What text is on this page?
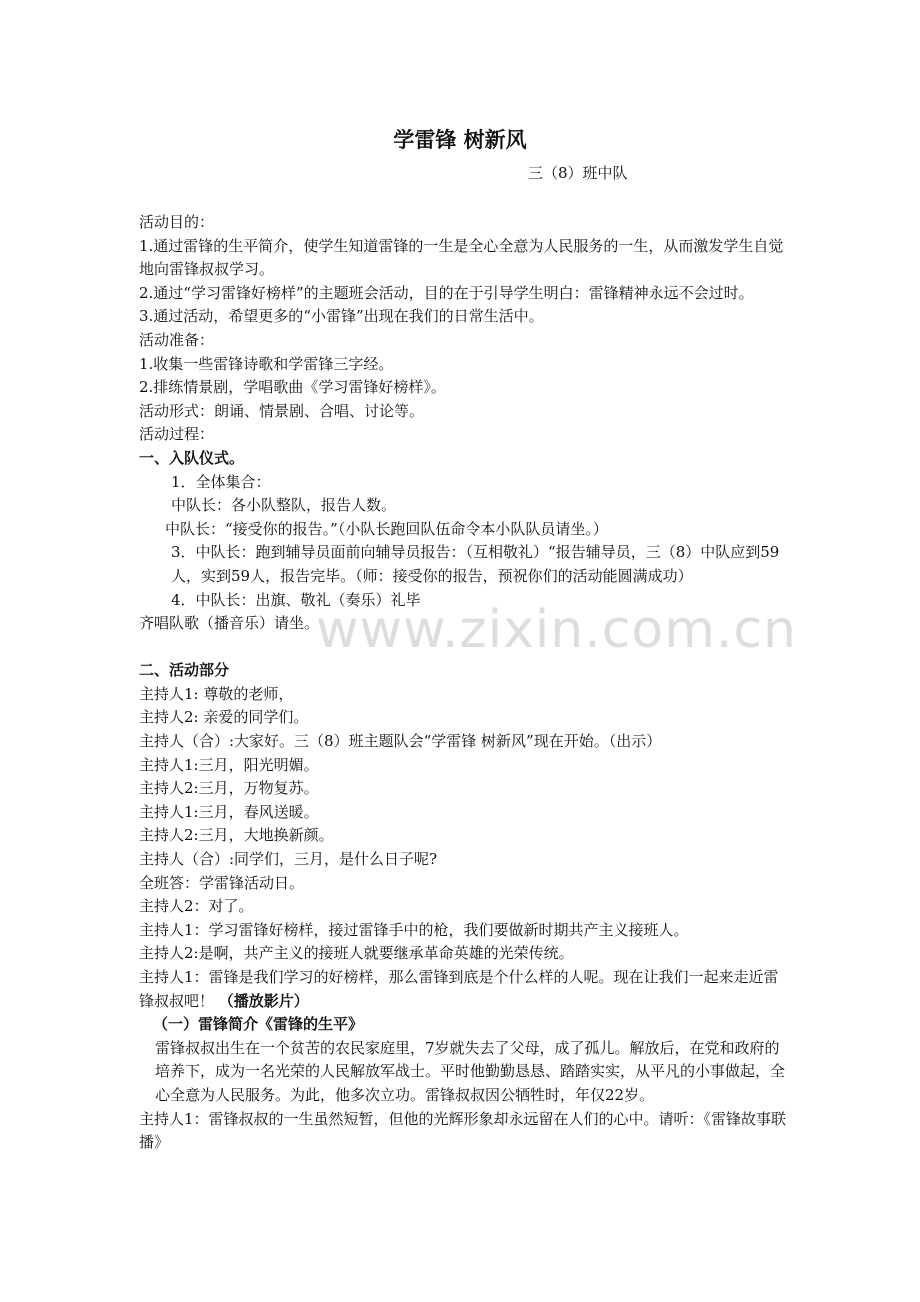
www.zixin.com.cn
学雷锋 树新风
三（8）班中队

活动目的：

1.通过雷锋的生平简介，使学生知道雷锋的一生是全心全意为人民服务的一生，从而激发学生自觉地向雷锋叔叔学习。

2.通过“学习雷锋好榜样”的主题班会活动，目的在于引导学生明白：雷锋精神永远不会过时。

3.通过活动，希望更多的“小雷锋”出现在我们的日常生活中。

活动准备：

1.收集一些雷锋诗歌和学雷锋三字经。

2.排练情景剧，学唱歌曲《学习雷锋好榜样》。

活动形式：朗诵、情景剧、合唱、讨论等。

活动过程：

一、入队仪式。

1．全体集合：

中队长：各小队整队，报告人数。

中队长：“接受你的报告。”（小队长跑回队伍命令本小队队员请坐。）

3．中队长：跑到辅导员面前向辅导员报告：（互相敬礼）“报告辅导员，三（8）中队应到59人，实到59人，报告完毕。（师：接受你的报告，预祝你们的活动能圆满成功）

4．中队长：出旗、敬礼（奏乐）礼毕

齐唱队歌（播音乐）请坐。

二、活动部分

主持人1: 尊敬的老师，

主持人2: 亲爱的同学们。

主持人（合）:大家好。三（8）班主题队会“学雷锋 树新风”现在开始。（出示）

主持人1:三月，阳光明媚。

主持人2:三月，万物复苏。

主持人1:三月，春风送暖。

主持人2:三月，大地换新颜。

主持人（合）:同学们，三月，是什么日子呢?

全班答：学雷锋活动日。

主持人2：对了。

主持人1：学习雷锋好榜样，接过雷锋手中的枪，我们要做新时期共产主义接班人。

主持人2:是啊，共产主义的接班人就要继承革命英雄的光荣传统。

主持人1：雷锋是我们学习的好榜样，那么雷锋到底是个什么样的人呢。现在让我们一起来走近雷锋叔叔吧！ （播放影片）

（一）雷锋简介《雷锋的生平》

雷锋叔叔出生在一个贫苦的农民家庭里，7岁就失去了父母，成了孤儿。解放后，在党和政府的培养下，成为一名光荣的人民解放军战士。平时他勤勤恳恳、踏踏实实，从平凡的小事做起，全心全意为人民服务。为此，他多次立功。雷锋叔叔因公牺牲时，年仅22岁。

主持人1：雷锋叔叔的一生虽然短暂，但他的光辉形象却永远留在人们的心中。请听：《雷锋故事联播》
